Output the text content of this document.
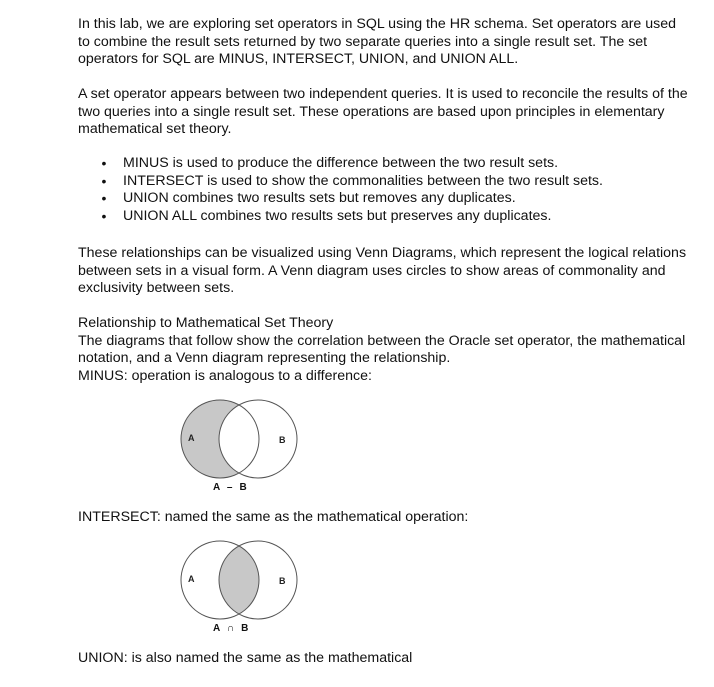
In this lab, we are exploring set operators in SQL using the HR schema. Set operators are used to combine the result sets returned by two separate queries into a single result set. The set operators for SQL are MINUS, INTERSECT, UNION, and UNION ALL.

A set operator appears between two independent queries. It is used to reconcile the results of the two queries into a single result set. These operations are based upon principles in elementary mathematical set theory.

• MINUS is used to produce the difference between the two result sets.
• INTERSECT is used to show the commonalities between the two result sets.
• UNION combines two results sets but removes any duplicates.
• UNION ALL combines two results sets but preserves any duplicates.

These relationships can be visualized using Venn Diagrams, which represent the logical relations between sets in a visual form. A Venn diagram uses circles to show areas of commonality and exclusivity between sets.

Relationship to Mathematical Set Theory
The diagrams that follow show the correlation between the Oracle set operator, the mathematical notation, and a Venn diagram representing the relationship.
MINUS: operation is analogous to a difference:
A	B
A  –  B

INTERSECT: named the same as the mathematical operation:

A	B
A  ∩  B

UNION: is also named the same as the mathematical
